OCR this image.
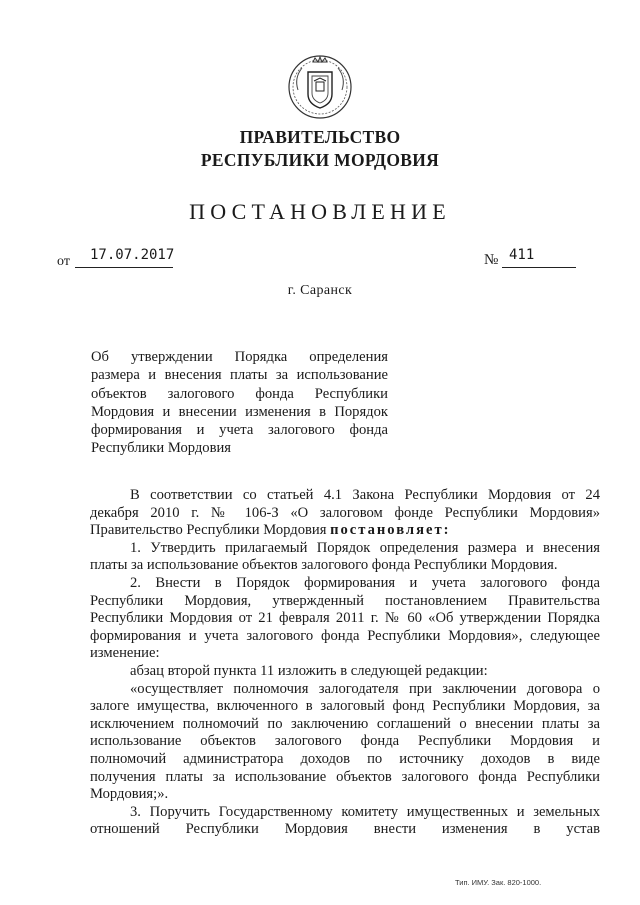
ПРАВИТЕЛЬСТВО
РЕСПУБЛИКИ МОРДОВИЯ
ПОСТАНОВЛЕНИЕ
от 17.07.2017	№ 411
г. Саранск
Об утверждении Порядка определения
размера и внесения платы за использование
объектов залогового фонда Республики
Мордовия и внесении изменения в Порядок
формирования и учета залогового фонда
Республики Мордовия
В соответствии со статьей 4.1 Закона Республики Мордовия от 24
декабря 2010 г. № 106-З «О залоговом фонде Республики Мордовия»
Правительство Республики Мордовия постановляет:
1. Утвердить прилагаемый Порядок определения размера и внесения
платы за использование объектов залогового фонда Республики Мордовия.
2. Внести в Порядок формирования и учета залогового фонда
Республики Мордовия, утвержденный постановлением Правительства
Республики Мордовия от 21 февраля 2011 г. № 60 «Об утверждении Порядка
формирования и учета залогового фонда Республики Мордовия», следующее
изменение:
абзац второй пункта 11 изложить в следующей редакции:
«осуществляет полномочия залогодателя при заключении договора о
залоге имущества, включенного в залоговый фонд Республики Мордовия, за
исключением полномочий по заключению соглашений о внесении платы за
использование объектов залогового фонда Республики Мордовия и
полномочий администратора доходов по источнику доходов в виде
получения платы за использование объектов залогового фонда Республики
Мордовия;».
3. Поручить Государственному комитету имущественных и земельных
отношений Республики Мордовия внести изменения в устав
Тип. ИМУ. Зак. 820-1000.
